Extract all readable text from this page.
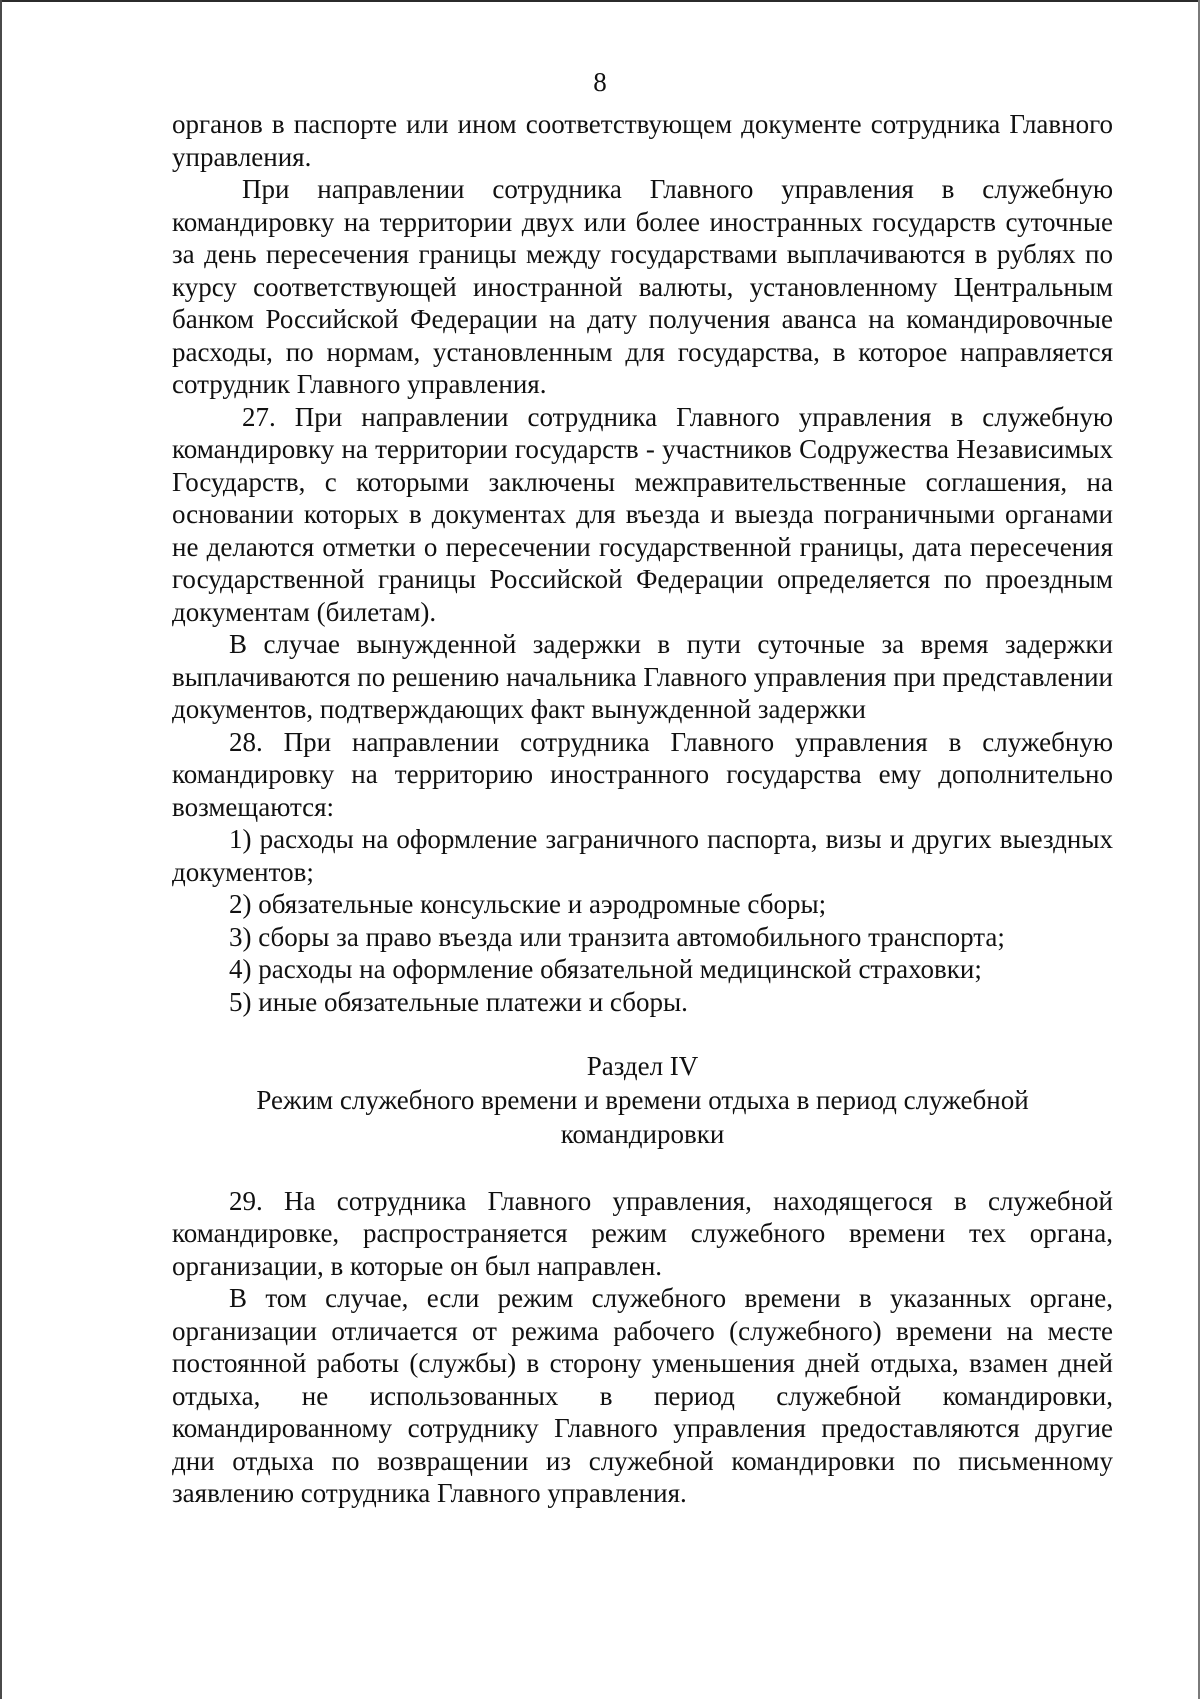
8

органов в паспорте или ином соответствующем документе сотрудника Главного управления.

При направлении сотрудника Главного управления в служебную командировку на территории двух или более иностранных государств суточные за день пересечения границы между государствами выплачиваются в рублях по курсу соответствующей иностранной валюты, установленному Центральным банком Российской Федерации на дату получения аванса на командировочные расходы, по нормам, установленным для государства, в которое направляется сотрудник Главного управления.

27. При направлении сотрудника Главного управления в служебную командировку на территории государств - участников Содружества Независимых Государств, с которыми заключены межправительственные соглашения, на основании которых в документах для въезда и выезда пограничными органами не делаются отметки о пересечении государственной границы, дата пересечения государственной границы Российской Федерации определяется по проездным документам (билетам).

В случае вынужденной задержки в пути суточные за время задержки выплачиваются по решению начальника Главного управления при представлении документов, подтверждающих факт вынужденной задержки

28. При направлении сотрудника Главного управления в служебную командировку на территорию иностранного государства ему дополнительно возмещаются:

1) расходы на оформление заграничного паспорта, визы и других выездных документов;

2) обязательные консульские и аэродромные сборы;

3) сборы за право въезда или транзита автомобильного транспорта;

4) расходы на оформление обязательной медицинской страховки;

5) иные обязательные платежи и сборы.

Раздел IV

Режим служебного времени и времени отдыха в период служебной командировки

29. На сотрудника Главного управления, находящегося в служебной командировке, распространяется режим служебного времени тех органа, организации, в которые он был направлен.

В том случае, если режим служебного времени в указанных органе, организации отличается от режима рабочего (служебного) времени на месте постоянной работы (службы) в сторону уменьшения дней отдыха, взамен дней отдыха, не использованных в период служебной командировки, командированному сотруднику Главного управления предоставляются другие дни отдыха по возвращении из служебной командировки по письменному заявлению сотрудника Главного управления.
